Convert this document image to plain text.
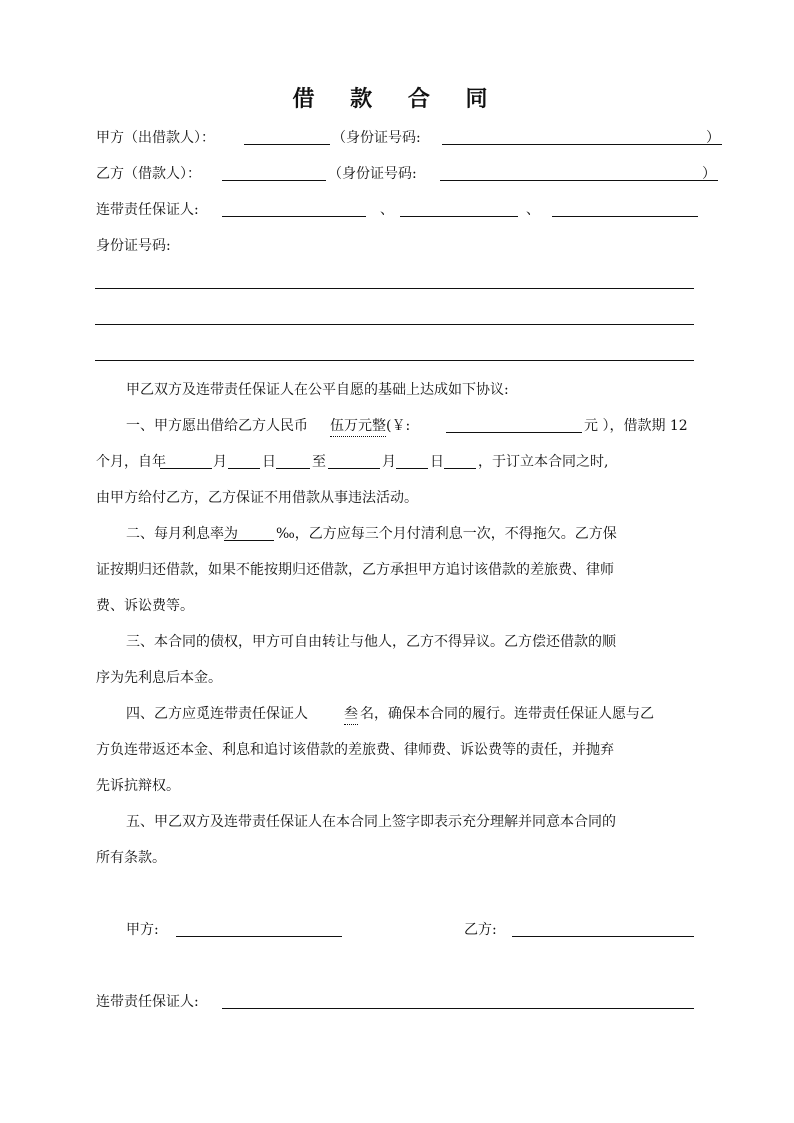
借 款 合 同
甲方（出借款人）：	（身份证号码:	）
乙方（借款人）：	（身份证号码:	）
连带责任保证人:	、	、
身份证号码:
甲乙双方及连带责任保证人在公平自愿的基础上达成如下协议:
一、甲方愿出借给乙方人民币 伍万元整 (￥:	元 ），借款期 12
个月，自年	月	日	至	月 日 ，于订立本合同之时,
由甲方给付乙方，乙方保证不用借款从事违法活动。
二、每月利息率为	‰，乙方应每三个月付清利息一次，不得拖欠。乙方保
证按期归还借款，如果不能按期归还借款，乙方承担甲方追讨该借款的差旅费、律师
费、诉讼费等。
三、本合同的债权，甲方可自由转让与他人，乙方不得异议。乙方偿还借款的顺
序为先利息后本金。
四、乙方应觅连带责任保证人	叁 名，确保本合同的履行。连带责任保证人愿与乙
方负连带返还本金、利息和追讨该借款的差旅费、律师费、诉讼费等的责任，并抛弃
先诉抗辩权。
五、甲乙双方及连带责任保证人在本合同上签字即表示充分理解并同意本合同的
所有条款。
甲方:	乙方:
连带责任保证人:
